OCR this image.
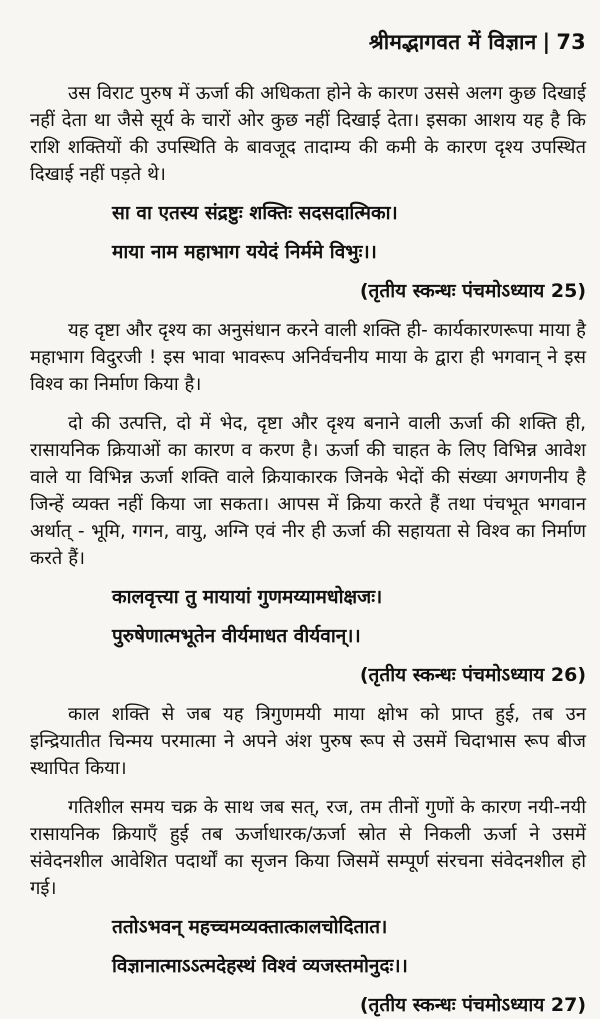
श्रीमद्भागवत में विज्ञान | 73

उस विराट पुरुष में ऊर्जा की अधिकता होने के कारण उससे अलग कुछ दिखाई नहीं देता था जैसे सूर्य के चारों ओर कुछ नहीं दिखाई देता। इसका आशय यह है कि राशि शक्तियों की उपस्थिति के बावजूद तादाम्य की कमी के कारण दृश्य उपस्थित दिखाई नहीं पड़ते थे।

सा वा एतस्य संद्रष्टुः शक्तिः सदसदात्मिका।

माया नाम महाभाग ययेदं निर्ममे विभुः।।

(तृतीय स्कन्धः पंचमोऽध्याय 25)

यह दृष्टा और दृश्य का अनुसंधान करने वाली शक्ति ही- कार्यकारणरूपा माया है महाभाग विदुरजी ! इस भावा भावरूप अनिर्वचनीय माया के द्वारा ही भगवान् ने इस विश्व का निर्माण किया है।

दो की उत्पत्ति, दो में भेद, दृष्टा और दृश्य बनाने वाली ऊर्जा की शक्ति ही, रासायनिक क्रियाओं का कारण व करण है। ऊर्जा की चाहत के लिए विभिन्न आवेश वाले या विभिन्न ऊर्जा शक्ति वाले क्रियाकारक जिनके भेदों की संख्या अगणनीय है जिन्हें व्यक्त नहीं किया जा सकता। आपस में क्रिया करते हैं तथा पंचभूत भगवान अर्थात् - भूमि, गगन, वायु, अग्नि एवं नीर ही ऊर्जा की सहायता से विश्व का निर्माण करते हैं।

कालवृत्त्या तु मायायां गुणमय्यामधोक्षजः।

पुरुषेणात्मभूतेन वीर्यमाधत वीर्यवान्।।

(तृतीय स्कन्धः पंचमोऽध्याय 26)

काल शक्ति से जब यह त्रिगुणमयी माया क्षोभ को प्राप्त हुई, तब उन इन्द्रियातीत चिन्मय परमात्मा ने अपने अंश पुरुष रूप से उसमें चिदाभास रूप बीज स्थापित किया।

गतिशील समय चक्र के साथ जब सत्, रज, तम तीनों गुणों के कारण नयी-नयी रासायनिक क्रियाएँ हुई तब ऊर्जाधारक/ऊर्जा स्रोत से निकली ऊर्जा ने उसमें संवेदनशील आवेशित पदार्थों का सृजन किया जिसमें सम्पूर्ण संरचना संवेदनशील हो गई।

ततोऽभवन् महच्चमव्यक्तात्कालचोदितात।

विज्ञानात्माऽऽत्मदेहस्थं विश्वं व्यजस्तमोनुदः।।

(तृतीय स्कन्धः पंचमोऽध्याय 27)
